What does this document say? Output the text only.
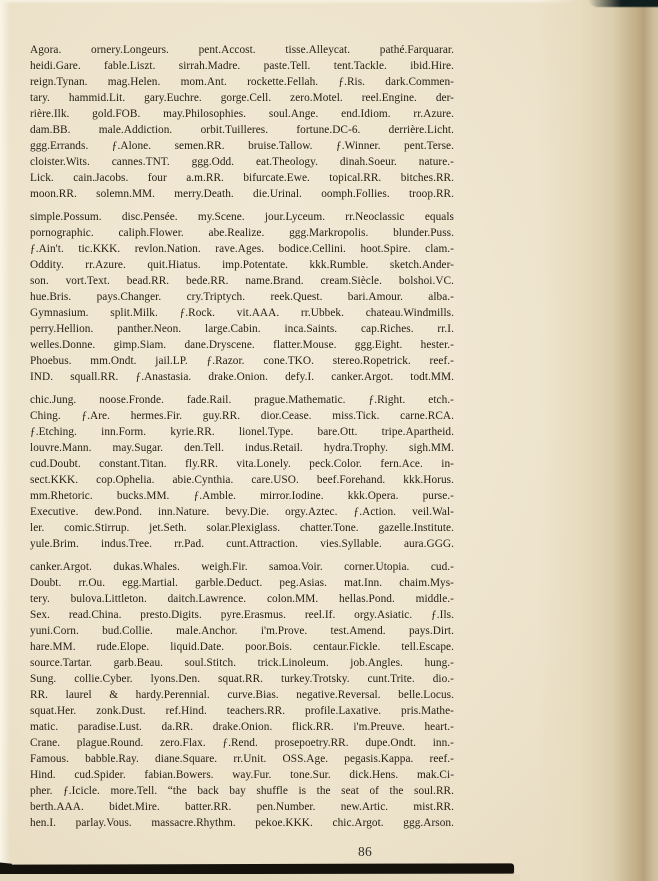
Agora. ornery.Longeurs. pent.Accost. tisse.Alleycat. pathé.Farquarar.
heidi.Gare. fable.Liszt. sirrah.Madre. paste.Tell. tent.Tackle. ibid.Hire.
reign.Tynan. mag.Helen. mom.Ant. rockette.Fellah. ƒ.Ris. dark.Commen-
tary. hammid.Lit. gary.Euchre. gorge.Cell. zero.Motel. reel.Engine. der-
rière.Ilk. gold.FOB. may.Philosophies. soul.Ange. end.Idiom. rr.Azure.
dam.BB. male.Addiction. orbit.Tuilleres. fortune.DC-6. derrière.Licht.
ggg.Errands. ƒ.Alone. semen.RR. bruise.Tallow. ƒ.Winner. pent.Terse.
cloister.Wits. cannes.TNT. ggg.Odd. eat.Theology. dinah.Soeur. nature.-
Lick. cain.Jacobs. four a.m.RR. bifurcate.Ewe. topical.RR. bitches.RR.
moon.RR. solemn.MM. merry.Death. die.Urinal. oomph.Follies. troop.RR.
simple.Possum. disc.Pensée. my.Scene. jour.Lyceum. rr.Neoclassic equals
pornographic. caliph.Flower. abe.Realize. ggg.Markropolis. blunder.Puss.
ƒ.Ain't. tic.KKK. revlon.Nation. rave.Ages. bodice.Cellini. hoot.Spire. clam.-
Oddity. rr.Azure. quit.Hiatus. imp.Potentate. kkk.Rumble. sketch.Ander-
son. vort.Text. bead.RR. bede.RR. name.Brand. cream.Siècle. bolshoi.VC.
hue.Bris. pays.Changer. cry.Triptych. reek.Quest. bari.Amour. alba.-
Gymnasium. split.Milk. ƒ.Rock. vit.AAA. rr.Ubbek. chateau.Windmills.
perry.Hellion. panther.Neon. large.Cabin. inca.Saints. cap.Riches. rr.I.
welles.Donne. gimp.Siam. dane.Dryscene. flatter.Mouse. ggg.Eight. hester.-
Phoebus. mm.Ondt. jail.LP. ƒ.Razor. cone.TKO. stereo.Ropetrick. reef.-
IND. squall.RR. ƒ.Anastasia. drake.Onion. defy.I. canker.Argot. todt.MM.
chic.Jung. noose.Fronde. fade.Rail. prague.Mathematic. ƒ.Right. etch.-
Ching. ƒ.Are. hermes.Fir. guy.RR. dior.Cease. miss.Tick. carne.RCA.
ƒ.Etching. inn.Form. kyrie.RR. lionel.Type. bare.Ott. tripe.Apartheid.
louvre.Mann. may.Sugar. den.Tell. indus.Retail. hydra.Trophy. sigh.MM.
cud.Doubt. constant.Titan. fly.RR. vita.Lonely. peck.Color. fern.Ace. in-
sect.KKK. cop.Ophelia. abie.Cynthia. care.USO. beef.Forehand. kkk.Horus.
mm.Rhetoric. bucks.MM. ƒ.Amble. mirror.Iodine. kkk.Opera. purse.-
Executive. dew.Pond. inn.Nature. bevy.Die. orgy.Aztec. ƒ.Action. veil.Wal-
ler. comic.Stirrup. jet.Seth. solar.Plexiglass. chatter.Tone. gazelle.Institute.
yule.Brim. indus.Tree. rr.Pad. cunt.Attraction. vies.Syllable. aura.GGG.
canker.Argot. dukas.Whales. weigh.Fir. samoa.Voir. corner.Utopia. cud.-
Doubt. rr.Ou. egg.Martial. garble.Deduct. peg.Asias. mat.Inn. chaim.Mys-
tery. bulova.Littleton. daitch.Lawrence. colon.MM. hellas.Pond. middle.-
Sex. read.China. presto.Digits. pyre.Erasmus. reel.If. orgy.Asiatic. ƒ.Ils.
yuni.Corn. bud.Collie. male.Anchor. i'm.Prove. test.Amend. pays.Dirt.
hare.MM. rude.Elope. liquid.Date. poor.Bois. centaur.Fickle. tell.Escape.
source.Tartar. garb.Beau. soul.Stitch. trick.Linoleum. job.Angles. hung.-
Sung. collie.Cyber. lyons.Den. squat.RR. turkey.Trotsky. cunt.Trite. dio.-
RR. laurel & hardy.Perennial. curve.Bias. negative.Reversal. belle.Locus.
squat.Her. zonk.Dust. ref.Hind. teachers.RR. profile.Laxative. pris.Mathe-
matic. paradise.Lust. da.RR. drake.Onion. flick.RR. i'm.Preuve. heart.-
Crane. plague.Round. zero.Flax. ƒ.Rend. prosepoetry.RR. dupe.Ondt. inn.-
Famous. babble.Ray. diane.Square. rr.Unit. OSS.Age. pegasis.Kappa. reef.-
Hind. cud.Spider. fabian.Bowers. way.Fur. tone.Sur. dick.Hens. mak.Ci-
pher. ƒ.Icicle. more.Tell. “the back bay shuffle is the seat of the soul.RR.
berth.AAA. bidet.Mire. batter.RR. pen.Number. new.Artic. mist.RR.
hen.I. parlay.Vous. massacre.Rhythm. pekoe.KKK. chic.Argot. ggg.Arson.
86
